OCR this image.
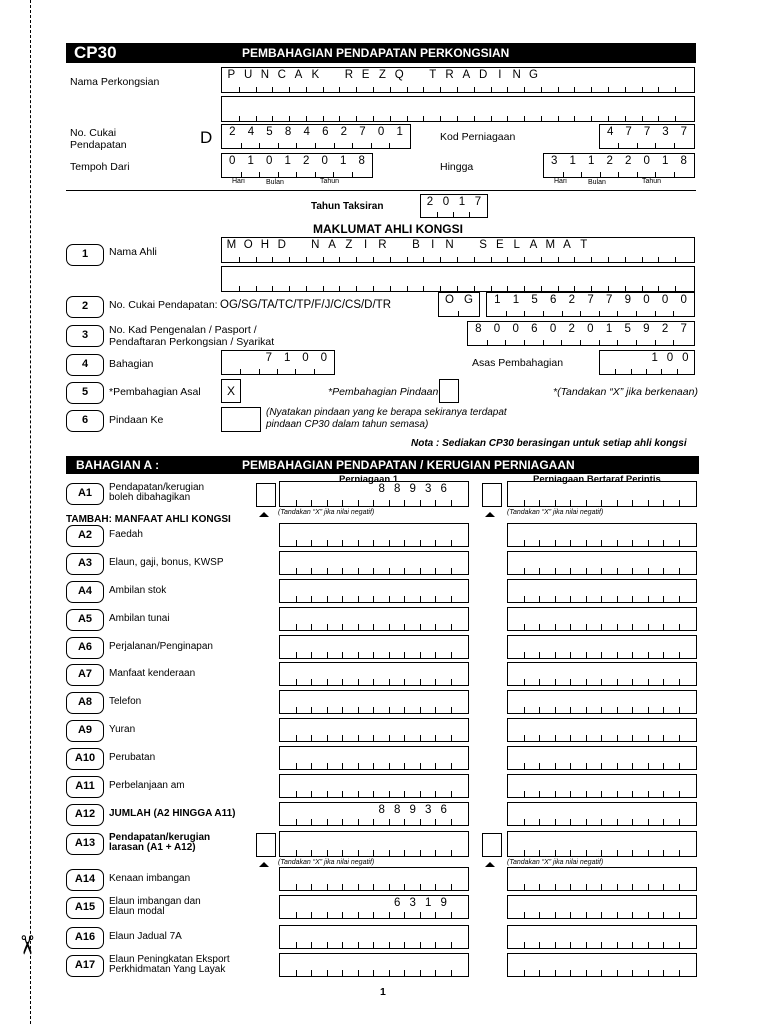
✂
CP30	PEMBAHAGIAN PENDAPATAN PERKONGSIAN
Nama Perkongsian
P U N C A K	R E Z Q	T R A D I N G
No. Cukai
Pendapatan	D	2	4	5	8	4	6	2	7	0	1	Kod Perniagaan	4	7	7	3	7
Tempoh Dari	0	1	0	1	2	0	1	8
Hari	Bulan	Tahun
Hingga	3	1	1	2	2	0	1	8
Hari	Bulan	Tahun
Tahun Taksiran	2 0 1 7
MAKLUMAT AHLI KONGSI
1	Nama Ahli
M O H D	N A Z	I R	B I N	S E L A M A T
2	No. Cukai Pendapatan: OG/SG/TA/TC/TP/F/J/C/CS/D/TR	O G	1	1	5	6	2	7	7	9	0	0	0
3	No. Kad Pengenalan / Pasport /
Pendaftaran Perkongsian / Syarikat
8	0	0	6	0	2	0	1	5	9	2	7
4	Bahagian	7	1	0	0	Asas Pembahagian	1 0 0
5	*Pembahagian Asal	X	*Pembahagian Pindaan	*(Tandakan “X” jika berkenaan)
6	Pindaan Ke
(Nyatakan pindaan yang ke berapa sekiranya terdapat
pindaan CP30 dalam tahun semasa)
Nota : Sediakan CP30 berasingan untuk setiap ahli kongsi
BAHAGIAN A :	PEMBAHAGIAN PENDAPATAN / KERUGIAN PERNIAGAAN
Perniagaan 1	Perniagaan Bertaraf Perintis
A1	Pendapatan/kerugian
boleh dibahagikan
(Tandakan “X” jika nilai negatif)	(Tandakan “X” jika nilai negatif)
8 8 9 3 6
A2	Faedah
A3	Elaun, gaji, bonus, KWSP
A4	Ambilan stok
A5	Ambilan tunai
A6	Perjalanan/Penginapan
A7	Manfaat kenderaan
A8	Telefon
A9	Yuran
A10	Perubatan
A11	Perbelanjaan am
A12	JUMLAH (A2 HINGGA A11)	8 8 9 3 6
A13	Pendapatan/kerugian
larasan (A1 + A12)
(Tandakan “X” jika nilai negatif)	(Tandakan “X” jika nilai negatif)
A14	Kenaan imbangan
A15	Elaun imbangan dan
Elaun modal
6 3 1 9
A16	Elaun Jadual 7A
A17	Elaun Peningkatan Eksport
Perkhidmatan Yang Layak
TAMBAH: MANFAAT AHLI KONGSI
1
